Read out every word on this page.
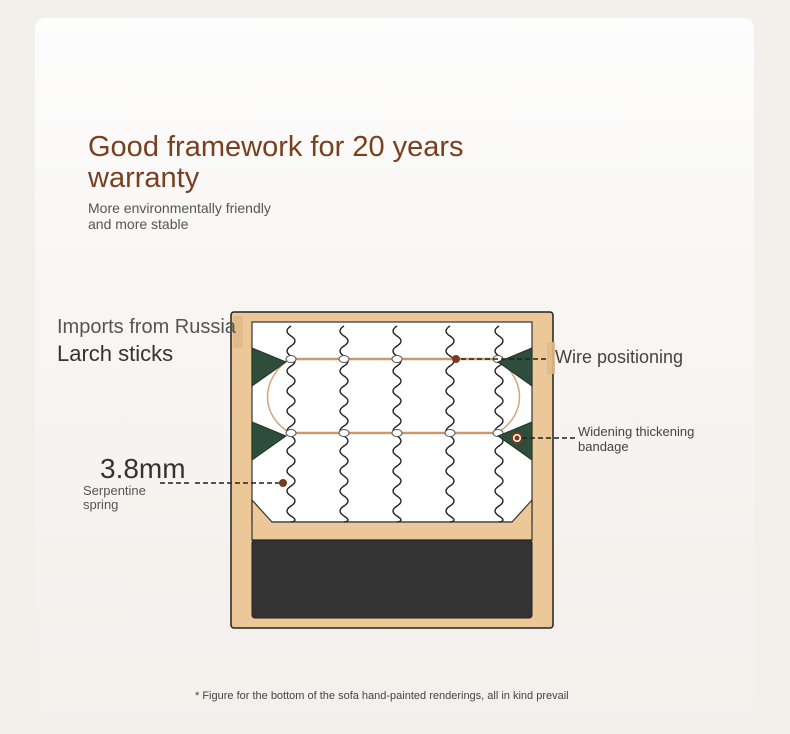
Good framework for 20 years warranty
More environmentally friendly and more stable
Imports from Russia
Larch sticks
3.8mm
Serpentine spring
Wire positioning
Widening thickening bandage
* Figure for the bottom of the sofa hand-painted renderings, all in kind prevail
